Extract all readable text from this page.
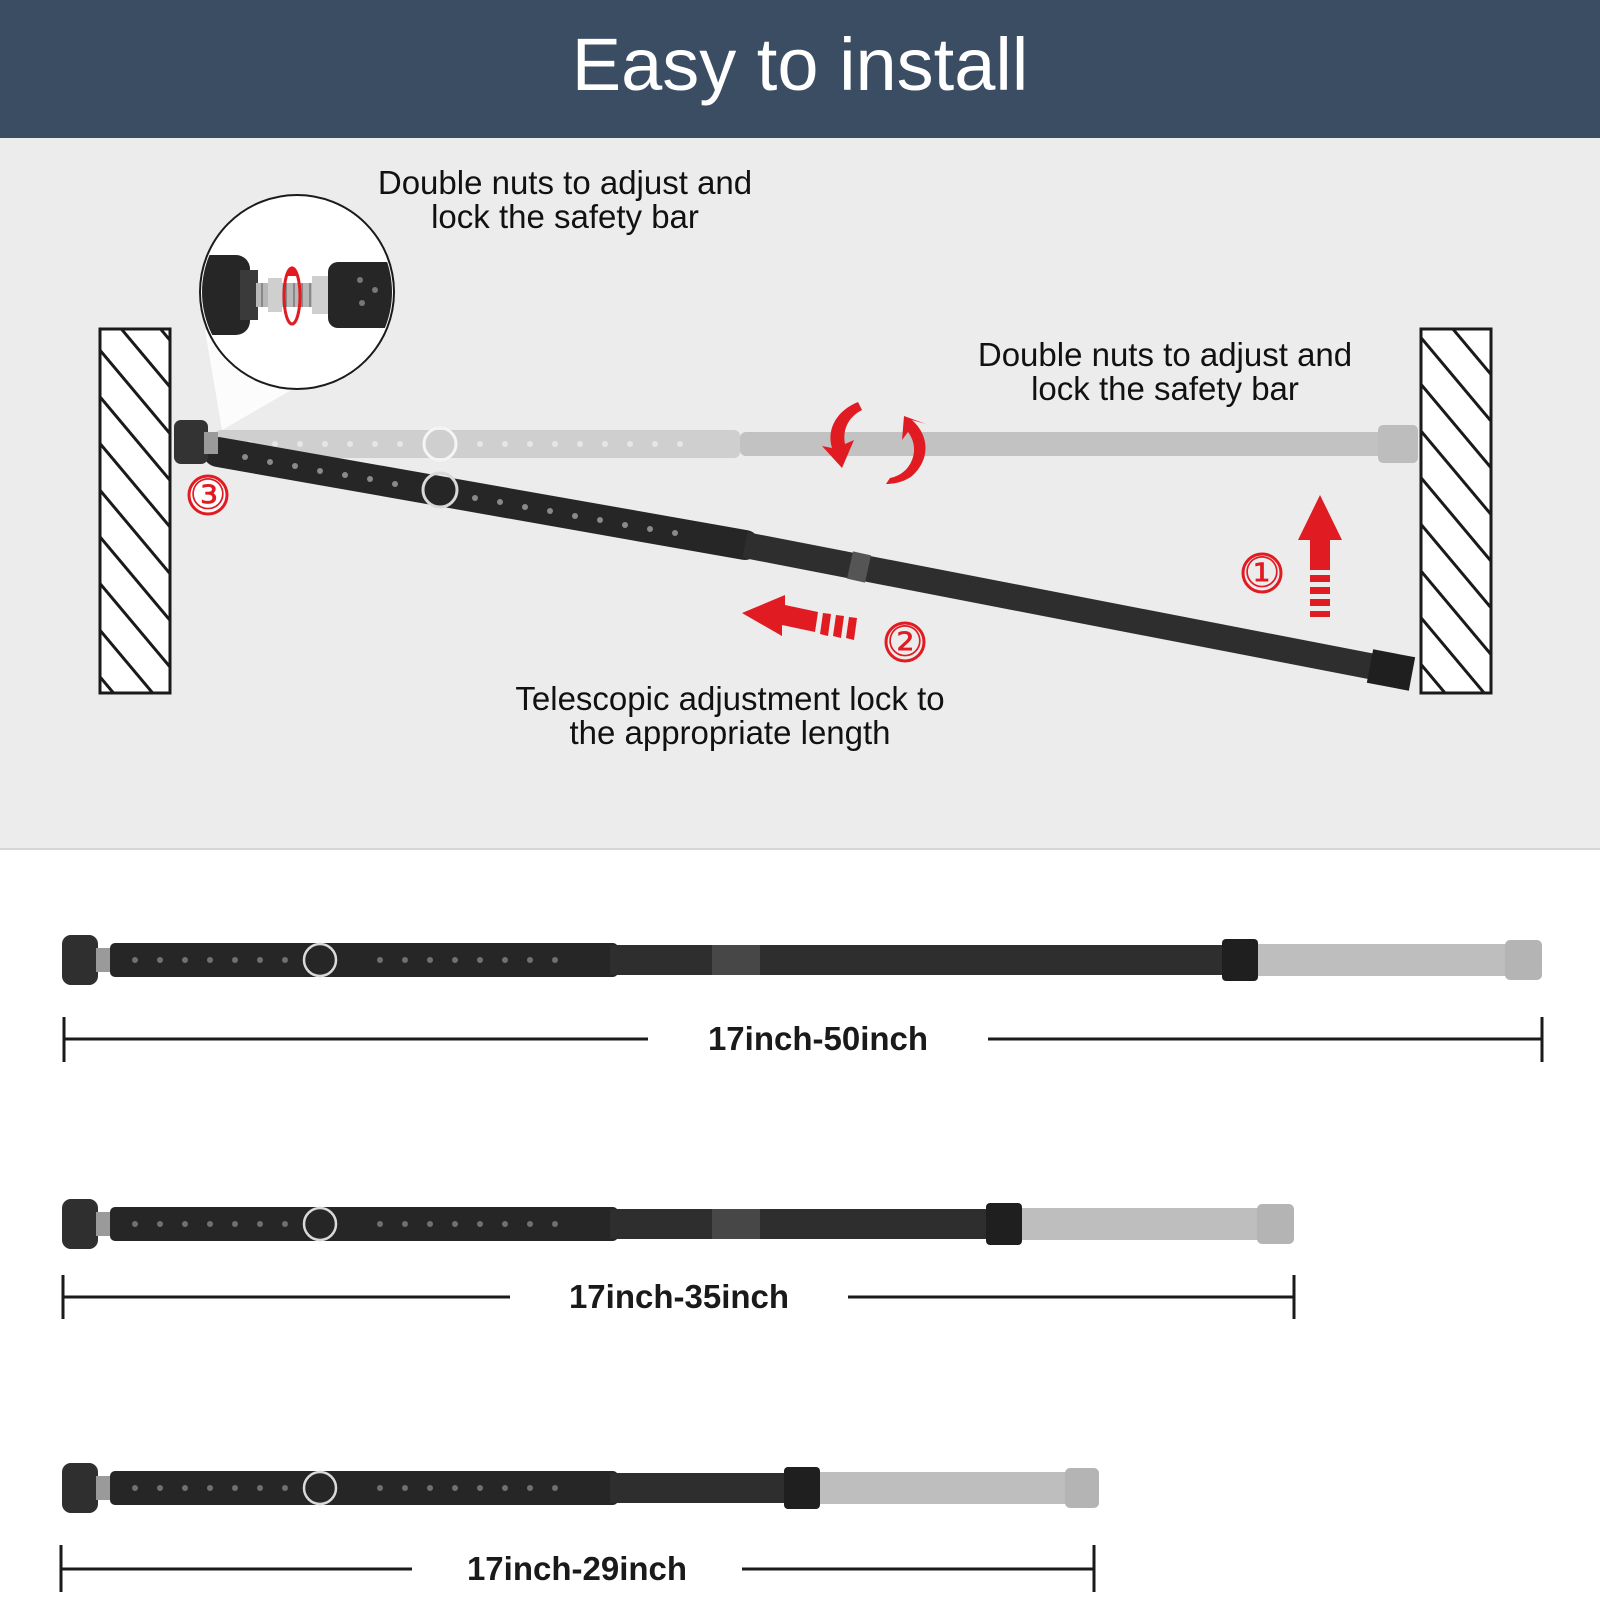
Easy to install
①
②
③
Double nuts to adjust and
lock the safety bar
Double nuts to adjust and
lock the safety bar
Telescopic adjustment lock to
the appropriate length
17inch-50inch
17inch-35inch
17inch-29inch
